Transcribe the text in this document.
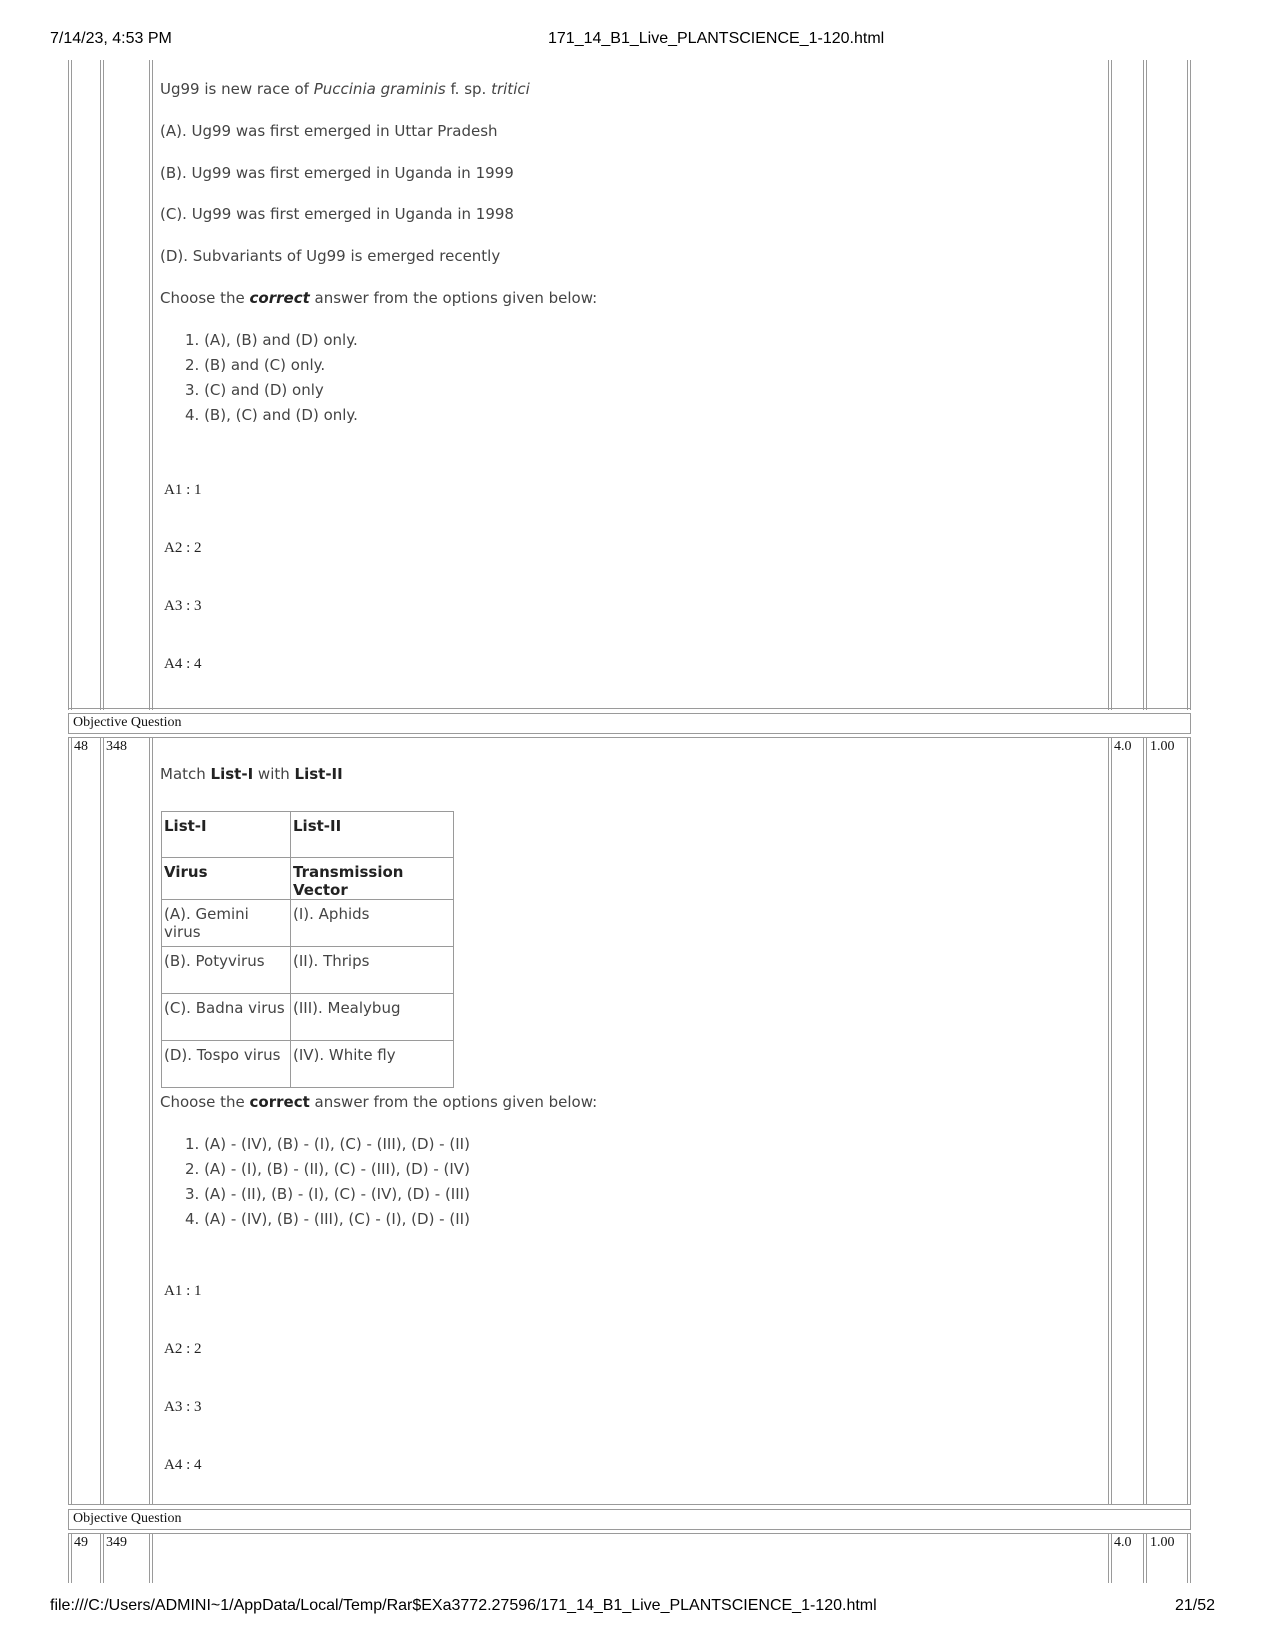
7/14/23, 4:53 PM	171_14_B1_Live_PLANTSCIENCE_1-120.html
Ug99 is new race of Puccinia graminis f. sp. tritici
(A). Ug99 was first emerged in Uttar Pradesh
(B). Ug99 was first emerged in Uganda in 1999
(C). Ug99 was first emerged in Uganda in 1998
(D). Subvariants of Ug99 is emerged recently
Choose the correct answer from the options given below:
1. (A), (B) and (D) only.
2. (B) and (C) only.
3. (C) and (D) only
4. (B), (C) and (D) only.
A1 : 1
A2 : 2
A3 : 3
A4 : 4
Objective Question
48 348	4.0 1.00
Match List-I with List-II
List-I	List-II
Virus	Transmission Vector
(A). Gemini virus	(I). Aphids
(B). Potyvirus	(II). Thrips
(C). Badna virus	(III). Mealybug
(D). Tospo virus	(IV). White fly
Choose the correct answer from the options given below:
1. (A) - (IV), (B) - (I), (C) - (III), (D) - (II)
2. (A) - (I), (B) - (II), (C) - (III), (D) - (IV)
3. (A) - (II), (B) - (I), (C) - (IV), (D) - (III)
4. (A) - (IV), (B) - (III), (C) - (I), (D) - (II)
A1 : 1
A2 : 2
A3 : 3
A4 : 4
Objective Question
49 349	4.0 1.00
file:///C:/Users/ADMINI~1/AppData/Local/Temp/Rar$EXa3772.27596/171_14_B1_Live_PLANTSCIENCE_1-120.html	21/52
